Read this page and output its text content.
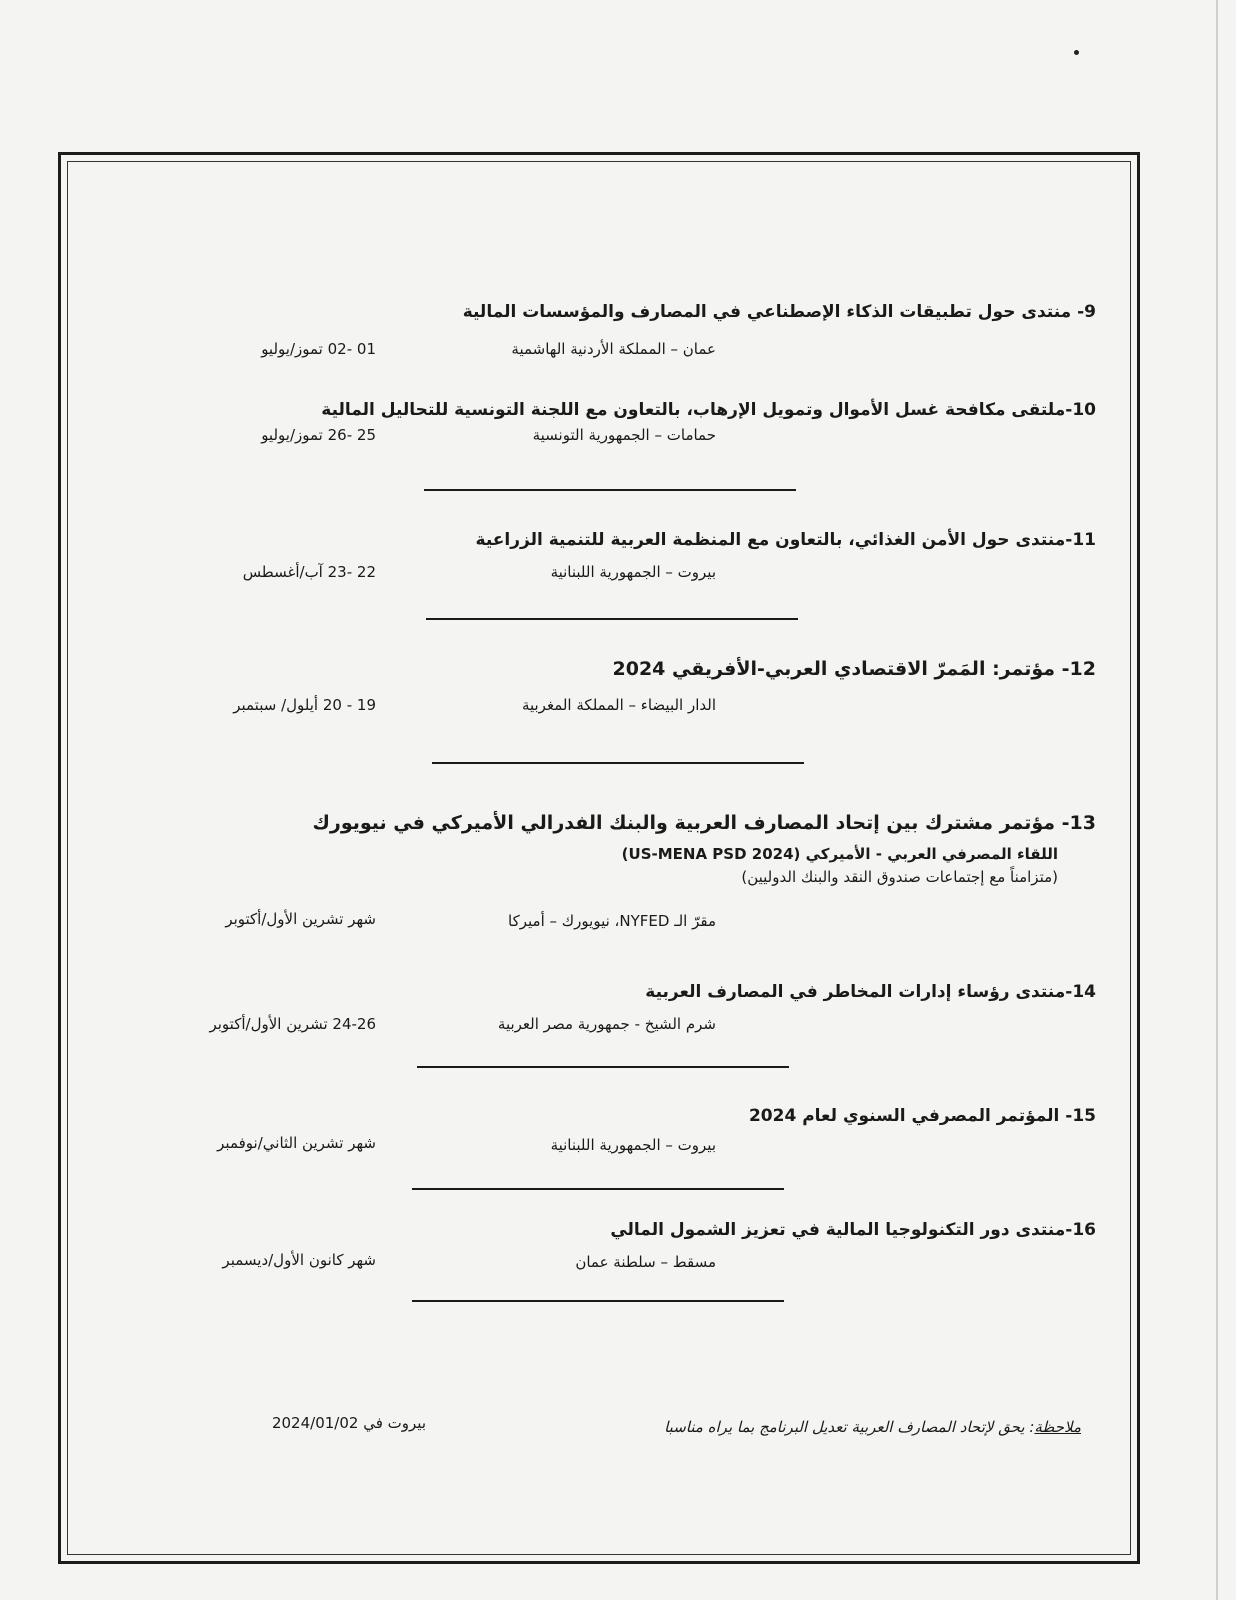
9- منتدى حول تطبيقات الذكاء الإصطناعي في المصارف والمؤسسات المالية
عمان – المملكة الأردنية الهاشمية
01 -02 تموز/يوليو
10-ملتقى مكافحة غسل الأموال وتمويل الإرهاب، بالتعاون مع اللجنة التونسية للتحاليل المالية
حمامات – الجمهورية التونسية
25 -26 تموز/يوليو
11-منتدى حول الأمن الغذائي، بالتعاون مع المنظمة العربية للتنمية الزراعية
بيروت – الجمهورية اللبنانية
22 -23 آب/أغسطس
12- مؤتمر: المَمرّ الاقتصادي العربي-الأفريقي 2024
الدار البيضاء – المملكة المغربية
19 - 20 أيلول/ سبتمبر
13- مؤتمر مشترك بين إتحاد المصارف العربية والبنك الفدرالي الأميركي في نيويورك
اللقاء المصرفي العربي - الأميركي (US-MENA PSD 2024)
(متزامناً مع إجتماعات صندوق النقد والبنك الدوليين)
مقرّ الـ NYFED، نيويورك – أميركا
شهر تشرين الأول/أكتوبر
14-منتدى رؤساء إدارات المخاطر في المصارف العربية
شرم الشيخ - جمهورية مصر العربية
24-26 تشرين الأول/أكتوبر
15- المؤتمر المصرفي السنوي لعام 2024
بيروت – الجمهورية اللبنانية
شهر تشرين الثاني/نوفمبر
16-منتدى دور التكنولوجيا المالية في تعزيز الشمول المالي
مسقط – سلطنة عمان
شهر كانون الأول/ديسمبر
ملاحظة: يحق لإتحاد المصارف العربية تعديل البرنامج بما يراه مناسبا
بيروت في 2024/01/02
